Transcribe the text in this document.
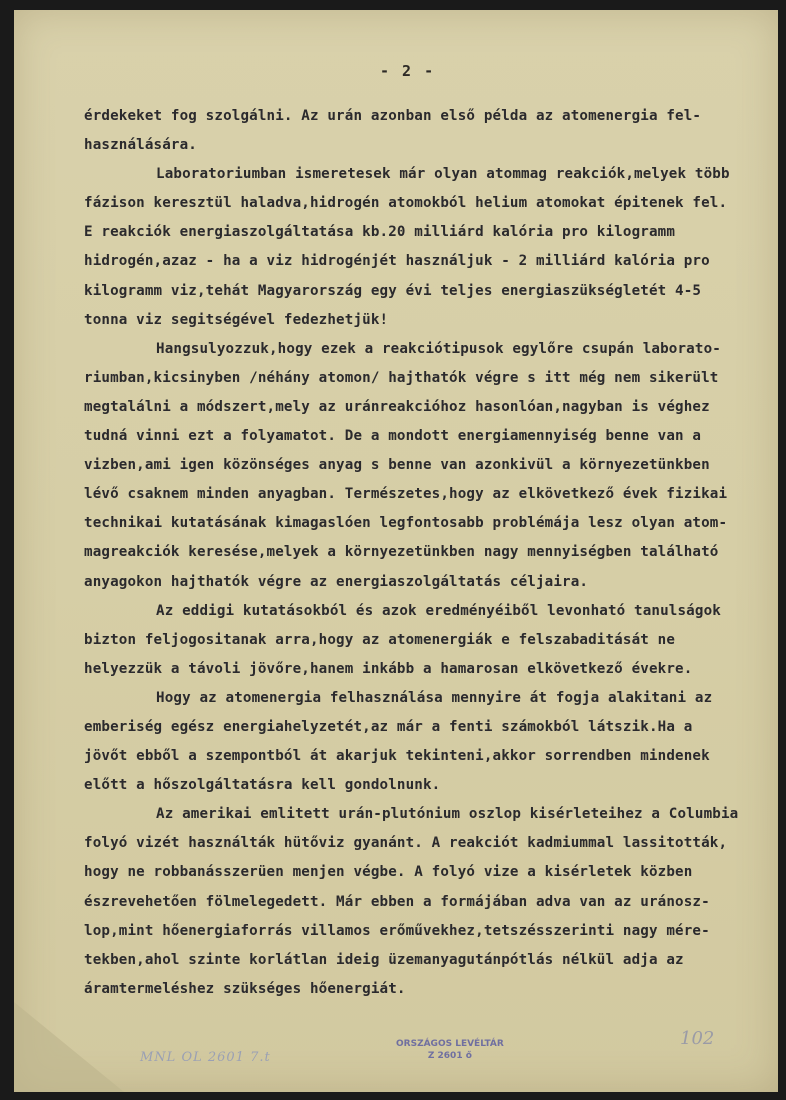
- 2 -
érdekeket fog szolgálni. Az urán azonban első példa az atomenergia fel-
használására.
Laboratoriumban ismeretesek már olyan atommag reakciók,melyek több
fázison keresztül haladva,hidrogén atomokból helium atomokat épitenek fel.
E reakciók energiaszolgáltatása kb.20 milliárd kalória pro kilogramm
hidrogén,azaz - ha a viz hidrogénjét használjuk - 2 milliárd kalória pro
kilogramm viz,tehát Magyarország egy évi teljes energiaszükségletét 4-5
tonna viz segitségével fedezhetjük!
Hangsulyozzuk,hogy ezek a reakciótipusok egylőre csupán laborato-
riumban,kicsinyben /néhány atomon/ hajthatók végre s itt még nem sikerült
megtalálni a módszert,mely az uránreakcióhoz hasonlóan,nagyban is véghez
tudná vinni ezt a folyamatot. De a mondott energiamennyiség benne van a
vizben,ami igen közönséges anyag s benne van azonkivül a környezetünkben
lévő csaknem minden anyagban. Természetes,hogy az elkövetkező évek fizikai
technikai kutatásának kimagaslóen legfontosabb problémája lesz olyan atom-
magreakciók keresése,melyek a környezetünkben nagy mennyiségben található
anyagokon hajthatók végre az energiaszolgáltatás céljaira.
Az eddigi kutatásokból és azok eredményéiből levonható tanulságok
bizton feljogositanak arra,hogy az atomenergiák e felszabaditását ne
helyezzük a távoli jövőre,hanem inkább a hamarosan elkövetkező évekre.
Hogy az atomenergia felhasználása mennyire át fogja alakitani az
emberiség egész energiahelyzetét,az már a fenti számokból látszik.Ha a
jövőt ebből a szempontból át akarjuk tekinteni,akkor sorrendben mindenek
előtt a hőszolgáltatásra kell gondolnunk.
Az amerikai emlitett urán-plutónium oszlop kisérleteihez a Columbia
folyó vizét használták hütőviz gyanánt. A reakciót kadmiummal lassitották,
hogy ne robbanásszerüen menjen végbe. A folyó vize a kisérletek közben
észrevehetően fölmelegedett. Már ebben a formájában adva van az uránosz-
lop,mint hőenergiaforrás villamos erőművekhez,tetszésszerinti nagy mére-
tekben,ahol szinte korlátlan ideig üzemanyagutánpótlás nélkül adja az
áramtermeléshez szükséges hőenergiát.
MNL OL 2601 7.t
ORSZÁGOS LEVÉLTÁR
Z 2601 ő
102
